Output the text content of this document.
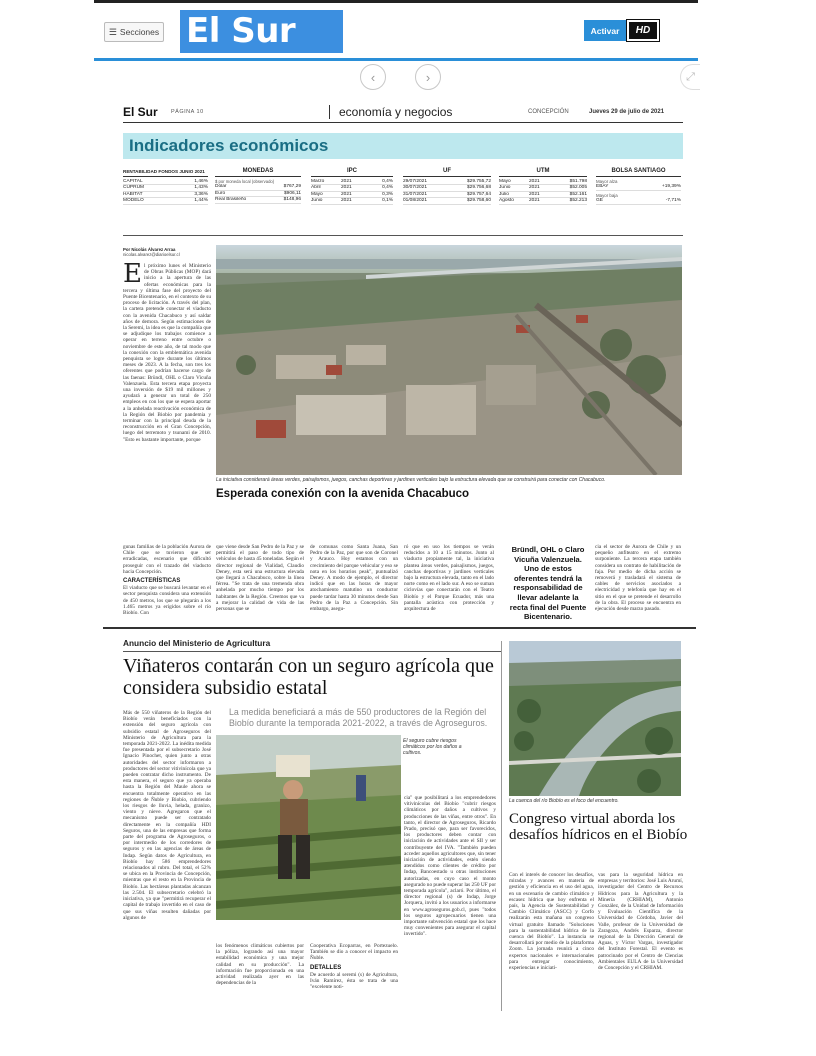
☰ Secciones El Sur	Activar	HD
‹	›	⤢
El Sur PÁGINA 10	economía y negocios	CONCEPCIÓN	Jueves 29 de julio de 2021
Indicadores económicos
RENTABILIDAD FONDOS JUNIO 2021
CAPITAL	1,46%
CUPRUM	1,43%
HABITAT	3,36%
MODELO	1,44%
MONEDAS
$ por moneda local (observado)
Dólar	$767,29
Euro	$906,11
Real Brasileño	$148,96
IPC
Marzo	2021	0,4%
Abril	2021	0,4%
Mayo	2021	0,3%
Junio	2021	0,1%
UF
29/07/2021	$29.755,72
30/07/2021	$29.756,68
31/07/2021	$29.757,64
01/08/2021	$29.758,60
UTM
Mayo	2021	$51.798
Junio	2021	$52.005
Julio	2021	$52.161
Agosto	2021	$52.213
BOLSA SANTIAGO
Mayor alza
EBAY	+19,39%
Mayor baja
GE	-7,71%
Por Nicolás Álvarez Arraa
nicolas.alvarez@diarioelsur.cl
El próximo lunes el Ministerio de Obras Públicas (MOP) dará inicio a la apertura de las ofertas económicas para la tercera y última fase del proyecto del Puente Bicentenario, en el contexto de su proceso de licitación. A través del plan, la cartera pretende conectar el viaducto con la avenida Chacabuco y así saldar años de demora. Según estimaciones de la Seremi, la idea es que la compañía que se adjudique los trabajos comience a operar en terreno entre octubre o noviembre de este año, de tal modo que la conexión con la emblemática avenida penquista se logre durante los últimos meses de 2023. A la fecha, son tres los oferentes que podrían hacerse cargo de las faenas: Bründl, OHL o Claro Vicuña Valenzuela. Esta tercera etapa proyecta una inversión de $19 mil millones y ayudará a generar un total de 250 empleos en con los que se espera aportar a la anhelada reactivación económica de la Región del Biobío por pandemia y terminar con la principal deuda de la reconstrucción en el Gran Concepción, luego del terremoto y tsunami de 2010. "Esto es bastante importante, porque
La iniciativa considerará áreas verdes, paisajismos, juegos, canchas deportivas y jardines verticales bajo la estructura elevada que se construirá para conectar con Chacabuco.
Esperada conexión con la avenida Chacabuco
gunas familias de la población Aurora de Chile que se tuvieron que ser erradicadas, escenario que dificultó proseguir con el trazado del viaducto hacia Concepción.
CARACTERÍSTICAS
El viaducto que se buscará levantar en el sector penquista considera una extensión de 450 metros, los que se plegarán a los 1.465 metros ya erigidos sobre el río Biobío. Con
que viene desde San Pedro de la Paz y se permitirá el paso de todo tipo de vehículos de hasta 45 toneladas. Según el director regional de Vialidad, Claudio Deney, esta será una estructura elevada que llegará a Chacabuco, sobre la línea férrea. "Se trata de una tremenda obra anhelada por mucho tiempo por los habitantes de la Región. Creemos que va a mejorar la calidad de vida de las personas que se
de comunas como Santa Juana, San Pedro de la Paz, por que son de Coronel y Arauco. Hoy estamos con un crecimiento del parque vehicular y eso se nota en los horarios peak", puntualizó Deney. A modo de ejemplo, el director indicó que en las horas de mayor atochamiento matutino un conductor puede tardar hasta 30 minutos desde San Pedro de la Paz a Concepción. Sin embargo, asegu-
ró que en uso los tiempos se verán reducidos a 10 a 15 minutos. Junto al viaducto propiamente tal, la iniciativa plantea áreas verdes, paisajismos, juegos, canchas deportivas y jardines verticales bajo la estructura elevada, tanto en el lado norte como en el lado sur. A eso se suman ciclovías que conectarán con el Teatro Biobío y el Parque Ecuador, más una pantalla acústica con protección y arquitectura de
Bründl, OHL o Claro Vicuña Valenzuela. Uno de estos oferentes tendrá la responsabilidad de llevar adelante la recta final del Puente Bicentenario.
cia el sector de Aurora de Chile y un pequeño anfiteatro en el extremo surponiente. La tercera etapa también considera un contrato de habilitación de faja. Por medio de dicha acción se removerá y trasladará el sistema de cables de servicios asociados a electricidad y telefonía que hay en el sitio en el que se pretende el desarrollo de la obra. El proceso se encuentra en ejecución desde marzo pasado.
Anuncio del Ministerio de Agricultura
Viñateros contarán con un seguro agrícola que considera subsidio estatal
La medida beneficiará a más de 550 productores de la Región del Biobío durante la temporada 2021-2022, a través de Agroseguros.
Más de 550 viñateros de la Región del Biobío verán beneficiados con la extensión del seguro agrícola con subsidio estatal de Agroseguros del Ministerio de Agricultura para la temporada 2021-2022. La inédita medida fue presentada por el subsecretario José Ignacio Pinochet, quien junto a otras autoridades del sector informaron a productores del sector vitivinícola que ya pueden contratar dicho instrumento. De esta manera, el seguro que ya operaba hasta la Región del Maule ahora se encuentra totalmente operativo en las regiones de Ñuble y Biobío, cubriendo los riesgos de lluvia, helada, granizo, viento y nieve. Agregaron que el mecanismo puede ser contratado directamente en la compañía HDI Seguros, una de las empresas que forma parte del programa de Agroseguros, o por intermedio de los corredores de seguros y en las agencias de áreas de Indap. Según datos de Agricultura, en Biobío hay 586 emprendedores relacionados al rubro. Del total, el 52% se ubica en la Provincia de Concepción, mientras que el resto en la Provincia de Biobío. Las hectáreas plantadas alcanzan las 2.504. El subsecretario celebró la iniciativa, ya que "permitirá recuperar el capital de trabajo invertido en el caso de que sus viñas resulten dañadas por algunos de
El seguro cubre riesgos climáticos por los daños a cultivos.
cia" que posibilitará a los emprendedores vitivinícolas del Biobío "cubrir riesgos climáticos por daños a cultivos y producciones de las viñas, entre otros". En tanto, el director de Agroseguros, Ricardo Prado, precisó que, para ser favorecidos, los productores deben contar con iniciación de actividades ante el SII y ser contribuyente del IVA. "También pueden acceder aquellos agricultores que, sin tener iniciación de actividades, estén siendo atendidos como clientes de crédito por Indap, Bancoestado u otras instituciones autorizadas, en cuyo caso el monto asegurado no puede superar las 250 UF por temporada agrícola", aclaró. Por último, el director regional (s) de Indap, Jorge Jorquera, invitó a los usuarios a informarse en www.agroseguros.gob.cl, pues "todos los seguros agropecuarios tienen una importante subvención estatal que los hace muy convenientes para asegurar el capital invertido".
los fenómenos climáticos cubiertos por la póliza, logrando así una mayor estabilidad económica y una mejor calidad en su producción". La información fue proporcionada en una actividad realizada ayer en las dependencias de la
Cooperativa Ecoparras, en Portezuelo. También se dio a conocer el impacto en Ñuble.
DETALLES
De acuerdo al seremi (s) de Agricultura, Iván Ramírez, ésta se trata de una "excelente noti-
La cuenca del río Biobío es el foco del encuentro.
Congreso virtual aborda los desafíos hídricos en el Biobío
Con el interés de conocer los desafíos, miradas y avances en materia de gestión y eficiencia en el uso del agua, en un escenario de cambio climático y escasez hídrica que hoy enfrenta el país, la Agencia de Sustentabilidad y Cambio Climático (ASCC) y Corfo realizarán esta mañana un congreso virtual gratuito llamado "Soluciones para la sustentabilidad hídrica de la cuenca del Biobío". La instancia se desarrollará por medio de la plataforma Zoom. La jornada reunirá a cinco expertos nacionales e internacionales para entregar conocimiento, experiencias e iniciati-
vas para la seguridad hídrica en empresas y territorios: José Luis Arumí, investigador del Centro de Recursos Hídricos para la Agricultura y la Minería (CRHIAM), Antonio González, de la Unidad de Información y Evaluación Científica de la Universidad de Córdoba, Javier del Valle, profesor de la Universidad de Zaragoza, Andrés Esparza, director regional de la Dirección General de Aguas, y Víctor Vargas, investigador del Instituto Forestal. El evento es patrocinado por el Centro de Ciencias Ambientales EULA de la Universidad de Concepción y el CRHIAM.
